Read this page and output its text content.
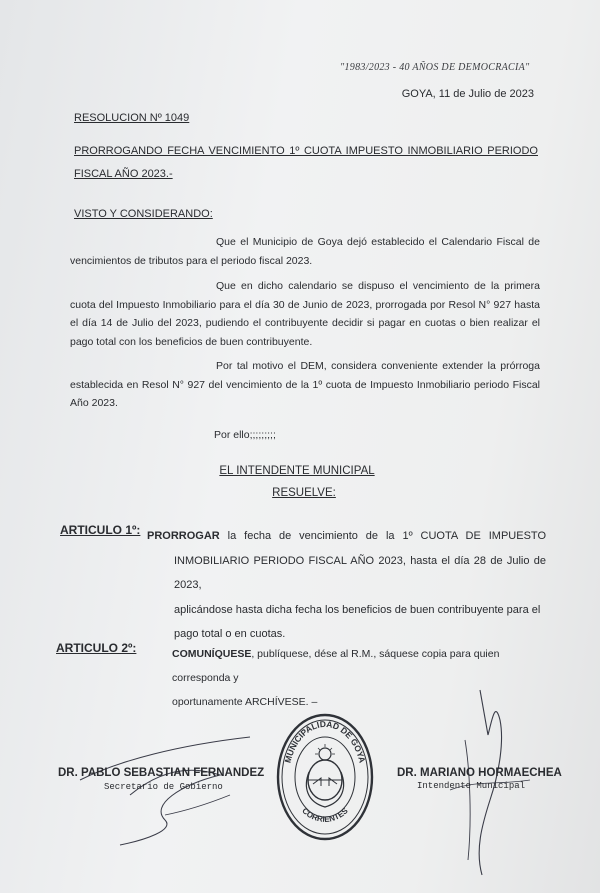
"1983/2023 - 40 AÑOS DE DEMOCRACIA"
GOYA, 11 de Julio de 2023
RESOLUCION Nº 1049
PRORROGANDO FECHA VENCIMIENTO 1º CUOTA IMPUESTO INMOBILIARIO PERIODO FISCAL AÑO 2023.-
VISTO Y CONSIDERANDO:
Que el Municipio de Goya dejó establecido el Calendario Fiscal de vencimientos de tributos para el periodo fiscal 2023.
Que en dicho calendario se dispuso el vencimiento de la primera cuota del Impuesto Inmobiliario para el día 30 de Junio de 2023, prorrogada por Resol N° 927 hasta el día 14 de Julio del 2023, pudiendo el contribuyente decidir si pagar en cuotas o bien realizar el pago total con los beneficios de buen contribuyente.
Por tal motivo el DEM, considera conveniente extender la prórroga establecida en Resol N° 927 del vencimiento de la 1º cuota de Impuesto Inmobiliario periodo Fiscal Año 2023.
Por ello;;;;;;;;;
EL INTENDENTE MUNICIPAL
RESUELVE:
ARTICULO 1º: PRORROGAR la fecha de vencimiento de la 1º CUOTA DE IMPUESTO
INMOBILIARIO PERIODO FISCAL AÑO 2023, hasta el día 28 de Julio de 2023,
aplicándose hasta dicha fecha los beneficios de buen contribuyente para el
pago total o en cuotas.
ARTICULO 2º:	COMUNÍQUESE, publíquese, dése al R.M., sáquese copia para quien corresponda y
oportunamente ARCHÍVESE. –
DR. PABLO SEBASTIAN FERNANDEZ
Secretario de Gobierno
DR. MARIANO HORMAECHEA
Intendente Municipal
MUNICIPALIDAD DE GOYA
CORRIENTES
